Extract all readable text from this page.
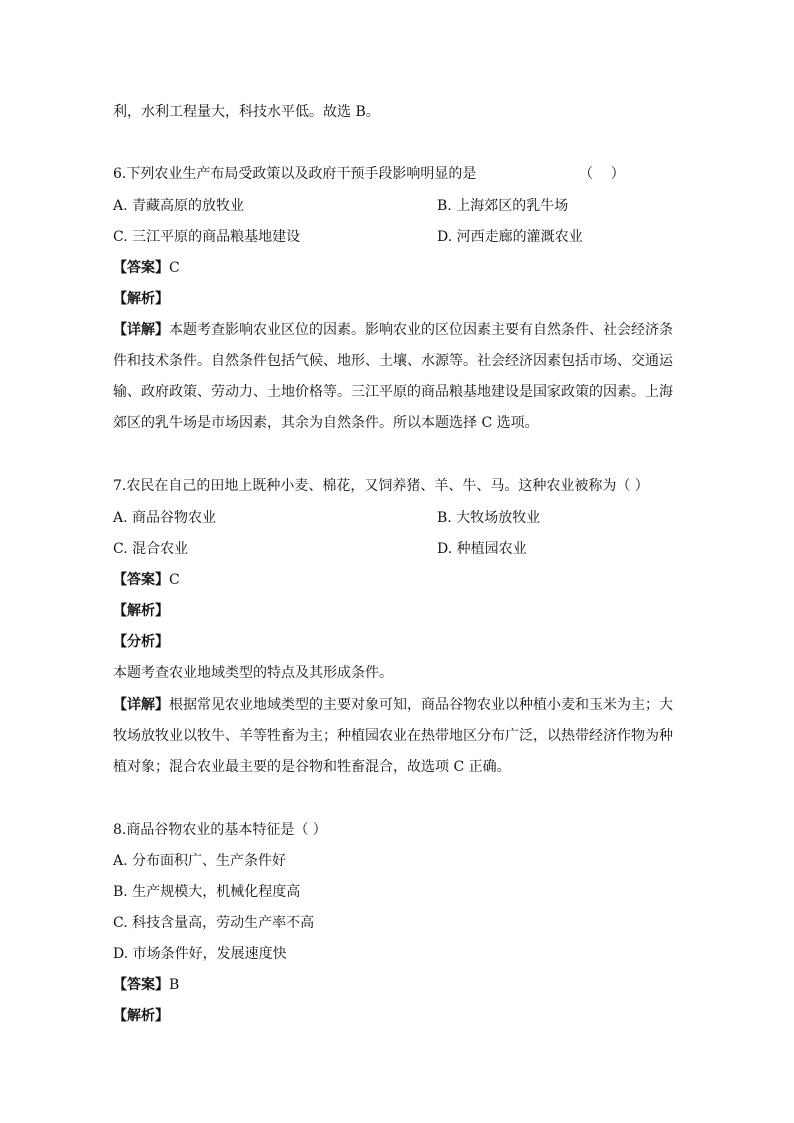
利，水利工程量大，科技水平低。故选 B。
6.下列农业生产布局受政策以及政府干预手段影响明显的是	（    ）
A. 青藏高原的放牧业	B. 上海郊区的乳牛场
C. 三江平原的商品粮基地建设	D. 河西走廊的灌溉农业
【答案】C
【解析】
【详解】本题考查影响农业区位的因素。影响农业的区位因素主要有自然条件、社会经济条
件和技术条件。自然条件包括气候、地形、土壤、水源等。社会经济因素包括市场、交通运
输、政府政策、劳动力、土地价格等。三江平原的商品粮基地建设是国家政策的因素。上海
郊区的乳牛场是市场因素，其余为自然条件。所以本题选择 C 选项。
7.农民在自己的田地上既种小麦、棉花，又饲养猪、羊、牛、马。这种农业被称为（ ）
A. 商品谷物农业	B. 大牧场放牧业
C. 混合农业	D. 种植园农业
【答案】C
【解析】
【分析】
本题考查农业地域类型的特点及其形成条件。
【详解】根据常见农业地域类型的主要对象可知，商品谷物农业以种植小麦和玉米为主；大
牧场放牧业以牧牛、羊等牲畜为主；种植园农业在热带地区分布广泛，以热带经济作物为种
植对象；混合农业最主要的是谷物和牲畜混合，故选项 C 正确。
8.商品谷物农业的基本特征是（ ）
A. 分布面积广、生产条件好
B. 生产规模大，机械化程度高
C. 科技含量高，劳动生产率不高
D. 市场条件好，发展速度快
【答案】B
【解析】
